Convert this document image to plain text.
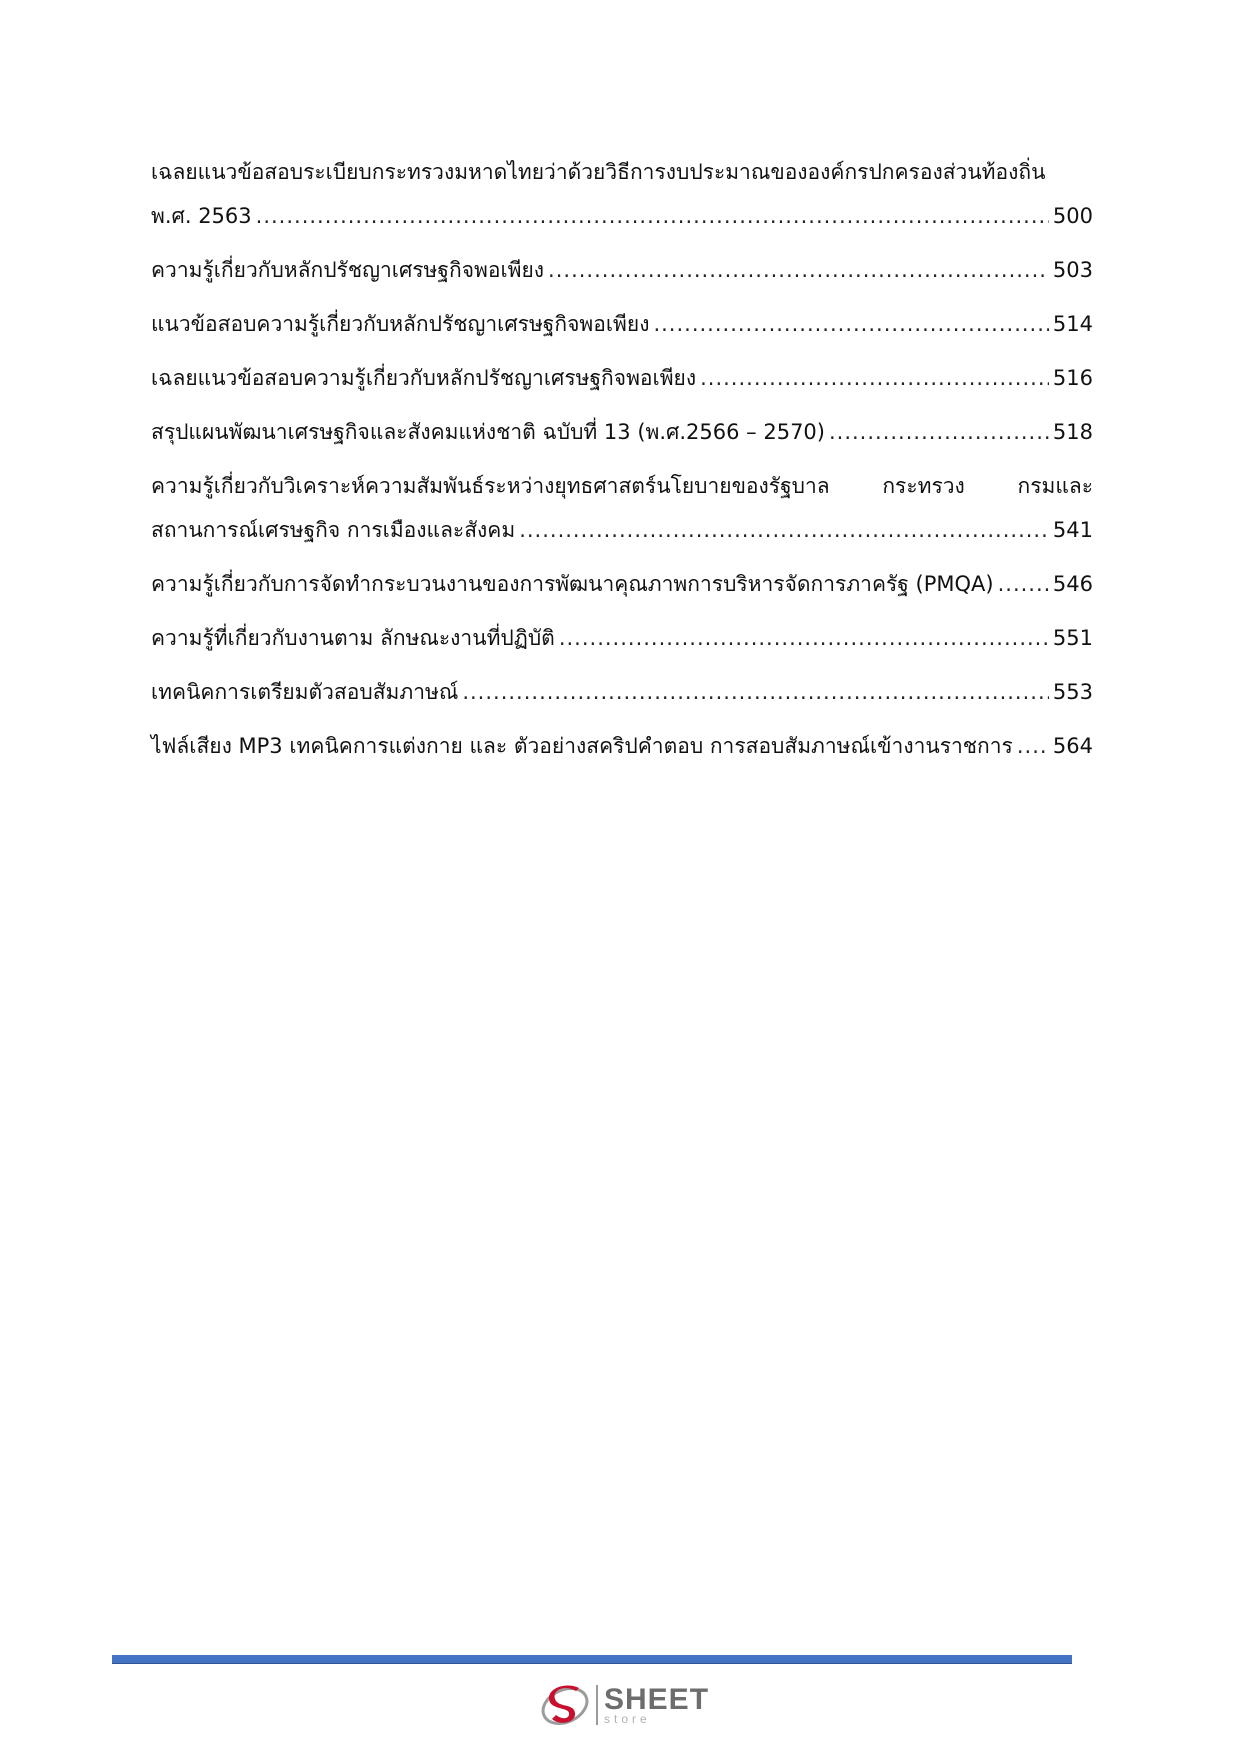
เฉลยแนวข้อสอบระเบียบกระทรวงมหาดไทยว่าด้วยวิธีการงบประมาณขององค์กรปกครองส่วนท้องถิ่น
พ.ศ. 2563 .....	500
ความรู้เกี่ยวกับหลักปรัชญาเศรษฐกิจพอเพียง .....	503
แนวข้อสอบความรู้เกี่ยวกับหลักปรัชญาเศรษฐกิจพอเพียง .....	514
เฉลยแนวข้อสอบความรู้เกี่ยวกับหลักปรัชญาเศรษฐกิจพอเพียง .....	516
สรุปแผนพัฒนาเศรษฐกิจและสังคมแห่งชาติ ฉบับที่ 13 (พ.ศ.2566 – 2570) .....	518
ความรู้เกี่ยวกับวิเคราะห์ความสัมพันธ์ระหว่างยุทธศาสตร์นโยบายของรัฐบาล กระทรวง กรมและ
สถานการณ์เศรษฐกิจ การเมืองและสังคม .....	541
ความรู้เกี่ยวกับการจัดทำกระบวนงานของการพัฒนาคุณภาพการบริหารจัดการภาครัฐ (PMQA) .....	546
ความรู้ที่เกี่ยวกับงานตาม ลักษณะงานที่ปฏิบัติ .....	551
เทคนิคการเตรียมตัวสอบสัมภาษณ์ .....	553
ไฟล์เสียง MP3 เทคนิคการแต่งกาย และ ตัวอย่างสคริปคำตอบ การสอบสัมภาษณ์เข้างานราชการ ..... 564
SHEET
store
